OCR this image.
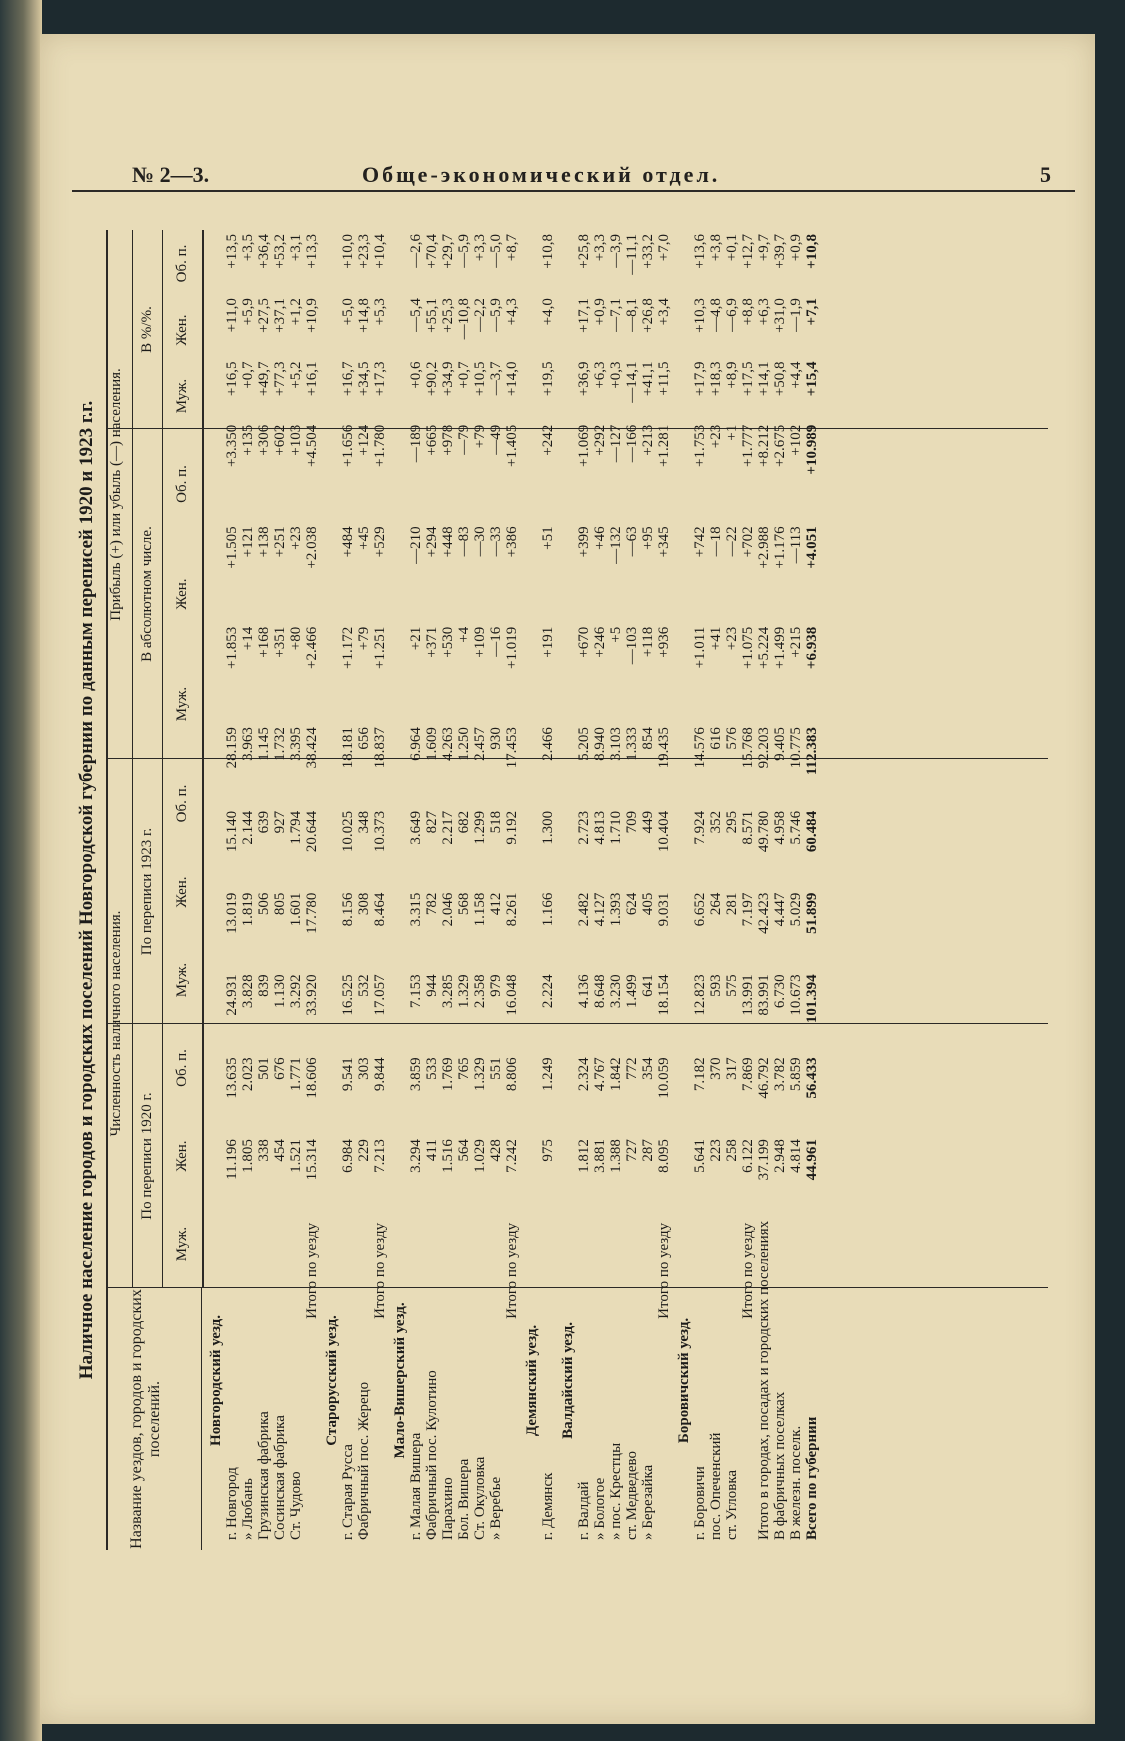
№ 2—3.	Обще-экономический отдел.	5
Наличное население городов и городских поселений Новгородской губернии по данным переписей 1920 и 1923 г.г.
Название уездов, городов и городских поселений.
Численность наличного населения.
Прибыль (+) или убыль (—) населения.
По переписи 1920 г.
По переписи 1923 г.
В абсолютном числе.
В %/%.
Муж.
Жен.
Об. п.
Муж.
Жен.
Об. п.
Муж.
Жен.
Об. п.
Муж.
Жен.
Об. п.
Новгородский уезд.												
г. Новгород	11.196	13.635	24.931	13.019	15.140	28.159	+1.853	+1.505	+3.350	+16,5	+11,0	+13,5
» Любань	1.805	2.023	3.828	1.819	2.144	3.963	+14	+121	+135	+0,7	+5,9	+3,5
Грузинская фабрика	338	501	839	506	639	1.145	+168	+138	+306	+49,7	+27,5	+36,4
Сосинская фабрика	454	676	1.130	805	927	1.732	+351	+251	+602	+77,3	+37,1	+53,2
Ст. Чудово	1.521	1.771	3.292	1.601	1.794	3.395	+80	+23	+103	+5,2	+1,2	+3,1
Итого по уезду	15.314	18.606	33.920	17.780	20.644	38.424	+2.466	+2.038	+4.504	+16,1	+10,9	+13,3
Старорусский уезд.												
г. Старая Русса	6.984	9.541	16.525	8.156	10.025	18.181	+1.172	+484	+1.656	+16,7	+5,0	+10,0
Фабричный пос. Жерецо	229	303	532	308	348	656	+79	+45	+124	+34,5	+14,8	+23,3
Итого по уезду	7.213	9.844	17.057	8.464	10.373	18.837	+1.251	+529	+1.780	+17,3	+5,3	+10,4
Мало-Вишерский уезд.												
г. Малая Вишера	3.294	3.859	7.153	3.315	3.649	6.964	+21	—210	—189	+0,6	—5,4	—2,6
Фабричный пос. Кулотино	411	533	944	782	827	1.609	+371	+294	+665	+90,2	+55,1	+70,4
Парахино	1.516	1.769	3.285	2.046	2.217	4.263	+530	+448	+978	+34,9	+25,3	+29,7
Бол. Вишера	564	765	1.329	568	682	1.250	+4	—83	—79	+0,7	—10,8	—5,9
Ст. Окуловка	1.029	1.329	2.358	1.158	1.299	2.457	+109	—30	+79	+10,5	—2,2	+3,3
» Веребье	428	551	979	412	518	930	—16	—33	—49	—3,7	—5,9	—5,0
Итого по уезду	7.242	8.806	16.048	8.261	9.192	17.453	+1.019	+386	+1.405	+14,0	+4,3	+8,7
Демянский уезд.												
г. Демянск	975	1.249	2.224	1.166	1.300	2.466	+191	+51	+242	+19,5	+4,0	+10,8
Валдайский уезд.												
г. Валдай	1.812	2.324	4.136	2.482	2.723	5.205	+670	+399	+1.069	+36,9	+17,1	+25,8
» Бологое	3.881	4.767	8.648	4.127	4.813	8.940	+246	+46	+292	+6,3	+0,9	+3,3
» пос. Крестцы	1.388	1.842	3.230	1.393	1.710	3.103	+5	—132	—127	+0,3	—7,1	—3,9
ст. Медведево	727	772	1.499	624	709	1.333	—103	—63	—166	—14,1	—8,1	—11,1
» Березайка	287	354	641	405	449	854	+118	+95	+213	+41,1	+26,8	+33,2
Итого по уезду	8.095	10.059	18.154	9.031	10.404	19.435	+936	+345	+1.281	+11,5	+3,4	+7,0
Боровичский уезд.												
г. Боровичи	5.641	7.182	12.823	6.652	7.924	14.576	+1.011	+742	+1.753	+17,9	+10,3	+13,6
пос. Опеченский	223	370	593	264	352	616	+41	—18	+23	+18,3	—4,8	+3,8
ст. Угловка	258	317	575	281	295	576	+23	—22	+1	+8,9	—6,9	+0,1
Итого по уезду	6.122	7.869	13.991	7.197	8.571	15.768	+1.075	+702	+1.777	+17,5	+8,8	+12,7
Итого в городах, посадах и городских поселениях	37.199	46.792	83.991	42.423	49.780	92.203	+5.224	+2.988	+8.212	+14,1	+6,3	+9,7
В фабричных поселках	2.948	3.782	6.730	4.447	4.958	9.405	+1.499	+1.176	+2.675	+50,8	+31,0	+39,7
В железн. поселк.	4.814	5.859	10.673	5.029	5.746	10.775	+215	—113	+102	+4,4	—1,9	+0,9
Всего по губернии	44.961	56.433	101.394	51.899	60.484	112.383	+6.938	+4.051	+10.989	+15,4	+7,1	+10,8
